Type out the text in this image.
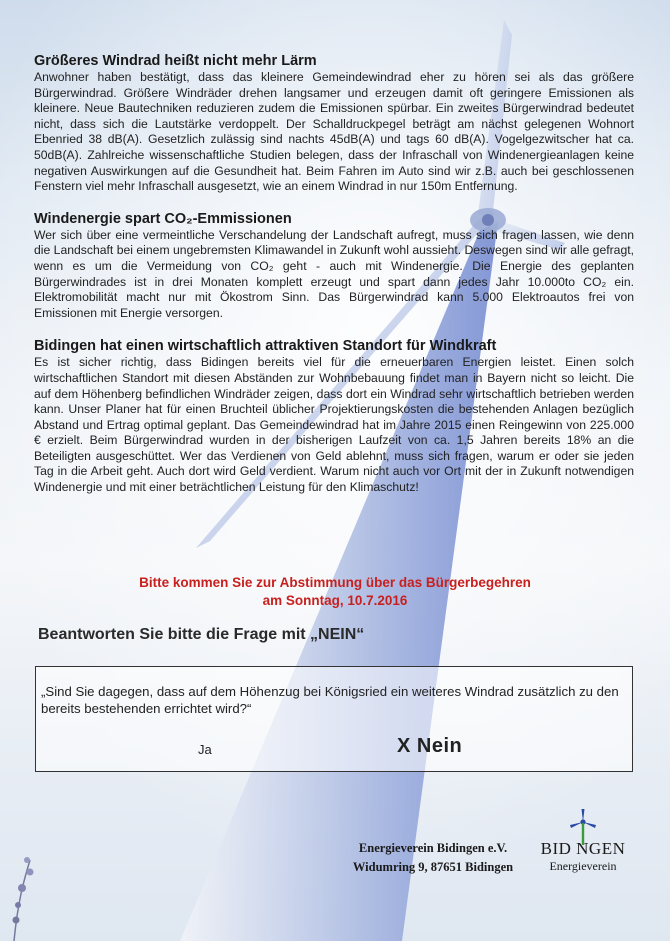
Größeres Windrad heißt nicht mehr Lärm

Anwohner haben bestätigt, dass das kleinere Gemeindewindrad eher zu hören sei als das größere Bürgerwindrad. Größere Windräder drehen langsamer und erzeugen damit oft geringere Emissionen als kleinere. Neue Bautechniken reduzieren zudem die Emissionen spürbar. Ein zweites Bürgerwindrad bedeutet nicht, dass sich die Lautstärke verdoppelt. Der Schalldruckpegel beträgt am nächst gelegenen Wohnort Ebenried 38 dB(A). Gesetzlich zulässig sind nachts 45dB(A) und tags 60 dB(A). Vogelgezwitscher hat ca. 50dB(A). Zahlreiche wissenschaftliche Studien belegen, dass der Infraschall von Windenergieanlagen keine negativen Auswirkungen auf die Gesundheit hat. Beim Fahren im Auto sind wir z.B. auch bei geschlossenen Fenstern viel mehr Infraschall ausgesetzt, wie an einem Windrad in nur 150m Entfernung.

Windenergie spart CO₂-Emmissionen

Wer sich über eine vermeintliche Verschandelung der Landschaft aufregt, muss sich fragen lassen, wie denn die Landschaft bei einem ungebremsten Klimawandel in Zukunft wohl aussieht. Deswegen sind wir alle gefragt, wenn es um die Vermeidung von CO₂ geht - auch mit Windenergie. Die Energie des geplanten Bürgerwindrades ist in drei Monaten komplett erzeugt und spart dann jedes Jahr 10.000to CO₂ ein. Elektromobilität macht nur mit Ökostrom Sinn. Das Bürgerwindrad kann 5.000 Elektroautos frei von Emissionen mit Energie versorgen.

Bidingen hat einen wirtschaftlich attraktiven Standort für Windkraft

Es ist sicher richtig, dass Bidingen bereits viel für die erneuerbaren Energien leistet. Einen solch wirtschaftlichen Standort mit diesen Abständen zur Wohnbebauung findet man in Bayern nicht so leicht. Die auf dem Höhenberg befindlichen Windräder zeigen, dass dort ein Windrad sehr wirtschaftlich betrieben werden kann. Unser Planer hat für einen Bruchteil üblicher Projektierungskosten die bestehenden Anlagen bezüglich Abstand und Ertrag optimal geplant. Das Gemeindewindrad hat im Jahre 2015 einen Reingewinn von 225.000 € erzielt. Beim Bürgerwindrad wurden in der bisherigen Laufzeit von ca. 1,5 Jahren bereits 18% an die Beteiligten ausgeschüttet. Wer das Verdienen von Geld ablehnt, muss sich fragen, warum er oder sie jeden Tag in die Arbeit geht. Auch dort wird Geld verdient. Warum nicht auch vor Ort mit der in Zukunft notwendigen Windenergie und mit einer beträchtlichen Leistung für den Klimaschutz!

Bitte kommen Sie zur Abstimmung über das Bürgerbegehren
am Sonntag, 10.7.2016
Beantworten Sie bitte die Frage mit „NEIN“
„Sind Sie dagegen, dass auf dem Höhenzug bei Königsried ein weiteres Windrad zusätzlich zu den bereits bestehenden errichtet wird?“
Ja	X Nein
Energieverein Bidingen e.V.
Widumring 9, 87651 Bidingen
BID NGEN
Energieverein
